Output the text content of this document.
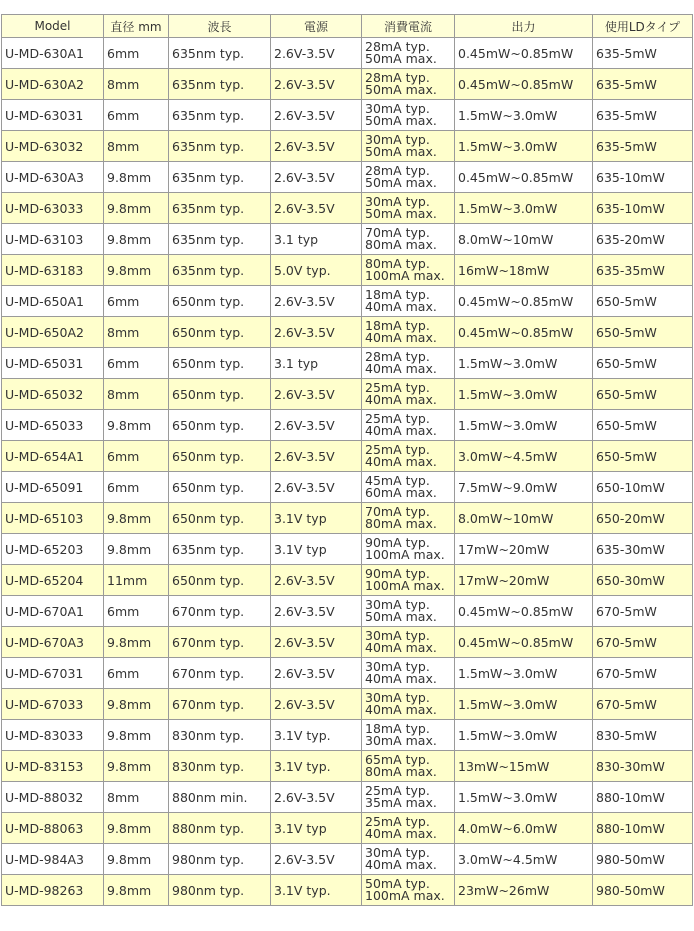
Model	直径 mm	波長	電源	消費電流	出力	使用LDタイプ
U-MD-630A1	6mm	635nm typ.	2.6V-3.5V	28mA typ.
50mA max.	0.45mW~0.85mW	635-5mW
U-MD-630A2	8mm	635nm typ.	2.6V-3.5V	28mA typ.
50mA max.	0.45mW~0.85mW	635-5mW
U-MD-63031	6mm	635nm typ.	2.6V-3.5V	30mA typ.
50mA max.	1.5mW~3.0mW	635-5mW
U-MD-63032	8mm	635nm typ.	2.6V-3.5V	30mA typ.
50mA max.	1.5mW~3.0mW	635-5mW
U-MD-630A3	9.8mm	635nm typ.	2.6V-3.5V	28mA typ.
50mA max.	0.45mW~0.85mW	635-10mW
U-MD-63033	9.8mm	635nm typ.	2.6V-3.5V	30mA typ.
50mA max.	1.5mW~3.0mW	635-10mW
U-MD-63103	9.8mm	635nm typ.	3.1 typ	70mA typ.
80mA max.	8.0mW~10mW	635-20mW
U-MD-63183	9.8mm	635nm typ.	5.0V typ.	80mA typ.
100mA max.	16mW~18mW	635-35mW
U-MD-650A1	6mm	650nm typ.	2.6V-3.5V	18mA typ.
40mA max.	0.45mW~0.85mW	650-5mW
U-MD-650A2	8mm	650nm typ.	2.6V-3.5V	18mA typ.
40mA max.	0.45mW~0.85mW	650-5mW
U-MD-65031	6mm	650nm typ.	3.1 typ	28mA typ.
40mA max.	1.5mW~3.0mW	650-5mW
U-MD-65032	8mm	650nm typ.	2.6V-3.5V	25mA typ.
40mA max.	1.5mW~3.0mW	650-5mW
U-MD-65033	9.8mm	650nm typ.	2.6V-3.5V	25mA typ.
40mA max.	1.5mW~3.0mW	650-5mW
U-MD-654A1	6mm	650nm typ.	2.6V-3.5V	25mA typ.
40mA max.	3.0mW~4.5mW	650-5mW
U-MD-65091	6mm	650nm typ.	2.6V-3.5V	45mA typ.
60mA max.	7.5mW~9.0mW	650-10mW
U-MD-65103	9.8mm	650nm typ.	3.1V typ	70mA typ.
80mA max.	8.0mW~10mW	650-20mW
U-MD-65203	9.8mm	635nm typ.	3.1V typ	90mA typ.
100mA max.	17mW~20mW	635-30mW
U-MD-65204	11mm	650nm typ.	2.6V-3.5V	90mA typ.
100mA max.	17mW~20mW	650-30mW
U-MD-670A1	6mm	670nm typ.	2.6V-3.5V	30mA typ.
50mA max.	0.45mW~0.85mW	670-5mW
U-MD-670A3	9.8mm	670nm typ.	2.6V-3.5V	30mA typ.
40mA max.	0.45mW~0.85mW	670-5mW
U-MD-67031	6mm	670nm typ.	2.6V-3.5V	30mA typ.
40mA max.	1.5mW~3.0mW	670-5mW
U-MD-67033	9.8mm	670nm typ.	2.6V-3.5V	30mA typ.
40mA max.	1.5mW~3.0mW	670-5mW
U-MD-83033	9.8mm	830nm typ.	3.1V typ.	18mA typ.
30mA max.	1.5mW~3.0mW	830-5mW
U-MD-83153	9.8mm	830nm typ.	3.1V typ.	65mA typ.
80mA max.	13mW~15mW	830-30mW
U-MD-88032	8mm	880nm min.	2.6V-3.5V	25mA typ.
35mA max.	1.5mW~3.0mW	880-10mW
U-MD-88063	9.8mm	880nm typ.	3.1V typ	25mA typ.
40mA max.	4.0mW~6.0mW	880-10mW
U-MD-984A3	9.8mm	980nm typ.	2.6V-3.5V	30mA typ.
40mA max.	3.0mW~4.5mW	980-50mW
U-MD-98263	9.8mm	980nm typ.	3.1V typ.	50mA typ.
100mA max.	23mW~26mW	980-50mW
